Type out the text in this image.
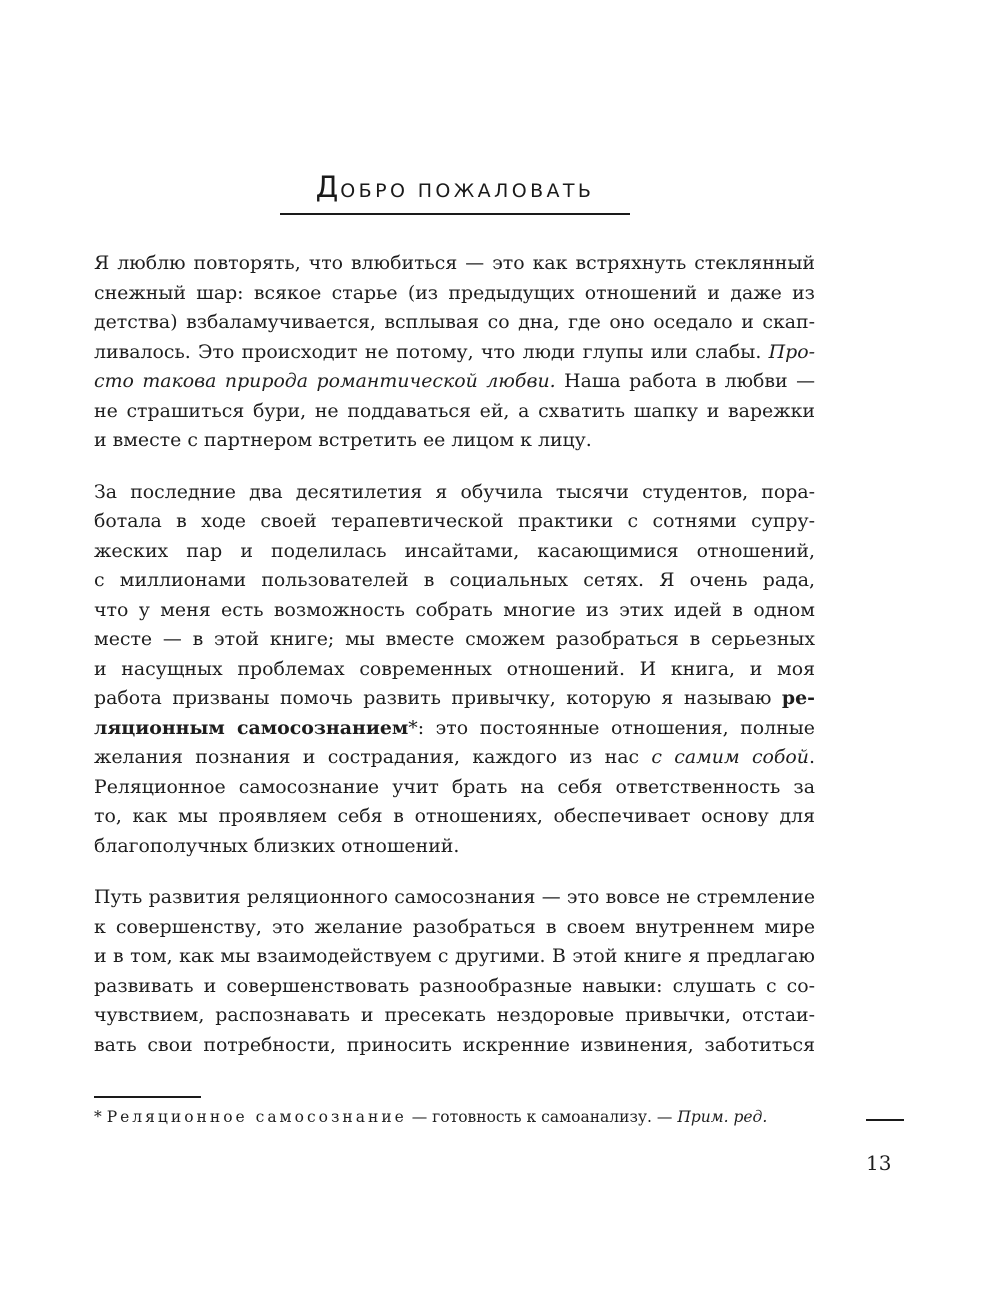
ДОБРО ПОЖАЛОВАТЬ
Я люблю повторять, что влюбиться — это как встряхнуть стеклянный
снежный шар: всякое старье (из предыдущих отношений и даже из
детства) взбаламучивается, всплывая со дна, где оно оседало и скап-
ливалось. Это происходит не потому, что люди глупы или слабы. Про-
сто такова природа романтической любви. Наша работа в любви —
не страшиться бури, не поддаваться ей, а схватить шапку и варежки
и вместе с партнером встретить ее лицом к лицу.
За последние два десятилетия я обучила тысячи студентов, пора-
ботала в ходе своей терапевтической практики с сотнями супру-
жеских пар и поделилась инсайтами, касающимися отношений,
с миллионами пользователей в социальных сетях. Я очень рада,
что у меня есть возможность собрать многие из этих идей в одном
месте — в этой книге; мы вместе сможем разобраться в серьезных
и насущных проблемах современных отношений. И книга, и моя
работа призваны помочь развить привычку, которую я называю ре-
ляционным самосознанием*: это постоянные отношения, полные
желания познания и сострадания, каждого из нас с самим собой.
Реляционное самосознание учит брать на себя ответственность за
то, как мы проявляем себя в отношениях, обеспечивает основу для
благополучных близких отношений.
Путь развития реляционного самосознания — это вовсе не стремление
к совершенству, это желание разобраться в своем внутреннем мире
и в том, как мы взаимодействуем с другими. В этой книге я предлагаю
развивать и совершенствовать разнообразные навыки: слушать с со-
чувствием, распознавать и пресекать нездоровые привычки, отстаи-
вать свои потребности, приносить искренние извинения, заботиться
* Реляционное самосознание — готовность к самоанализу. — Прим. ред.
13
